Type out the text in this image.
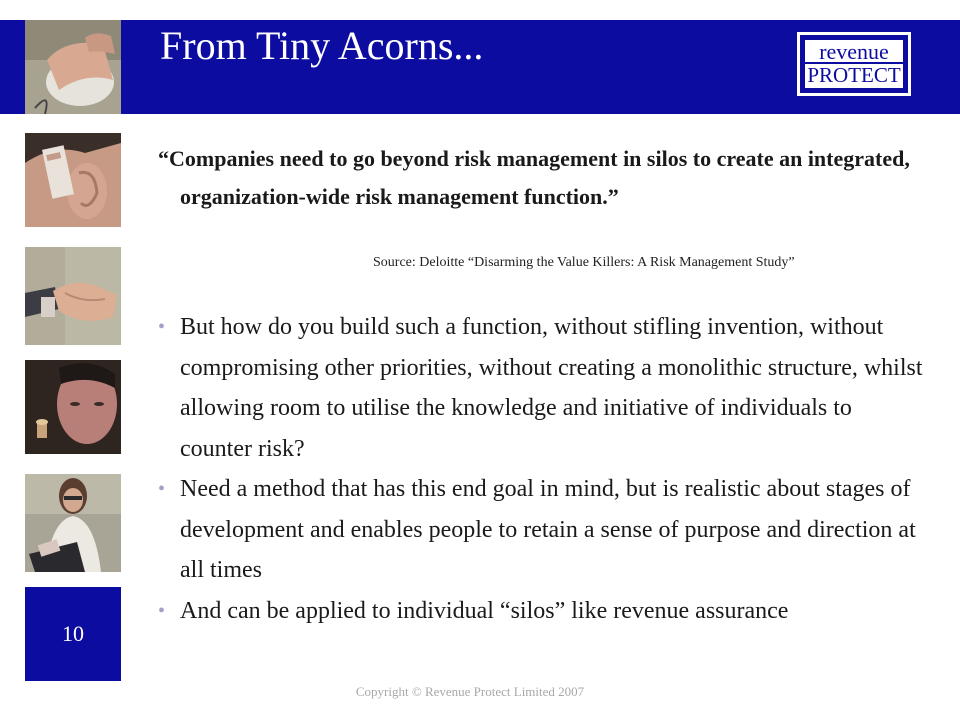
From Tiny Acorns...	revenue
PROTECT
10

“Companies need to go beyond risk management in silos to create an integrated, organization-wide risk management function.”

Source: Deloitte “Disarming the Value Killers: A Risk Management Study”
• But how do you build such a function, without stifling invention, without compromising other priorities, without creating a monolithic structure, whilst allowing room to utilise the knowledge and initiative of individuals to counter risk?
• Need a method that has this end goal in mind, but is realistic about stages of development and enables people to retain a sense of purpose and direction at all times
• And can be applied to individual “silos” like revenue assurance
Copyright © Revenue Protect Limited 2007
